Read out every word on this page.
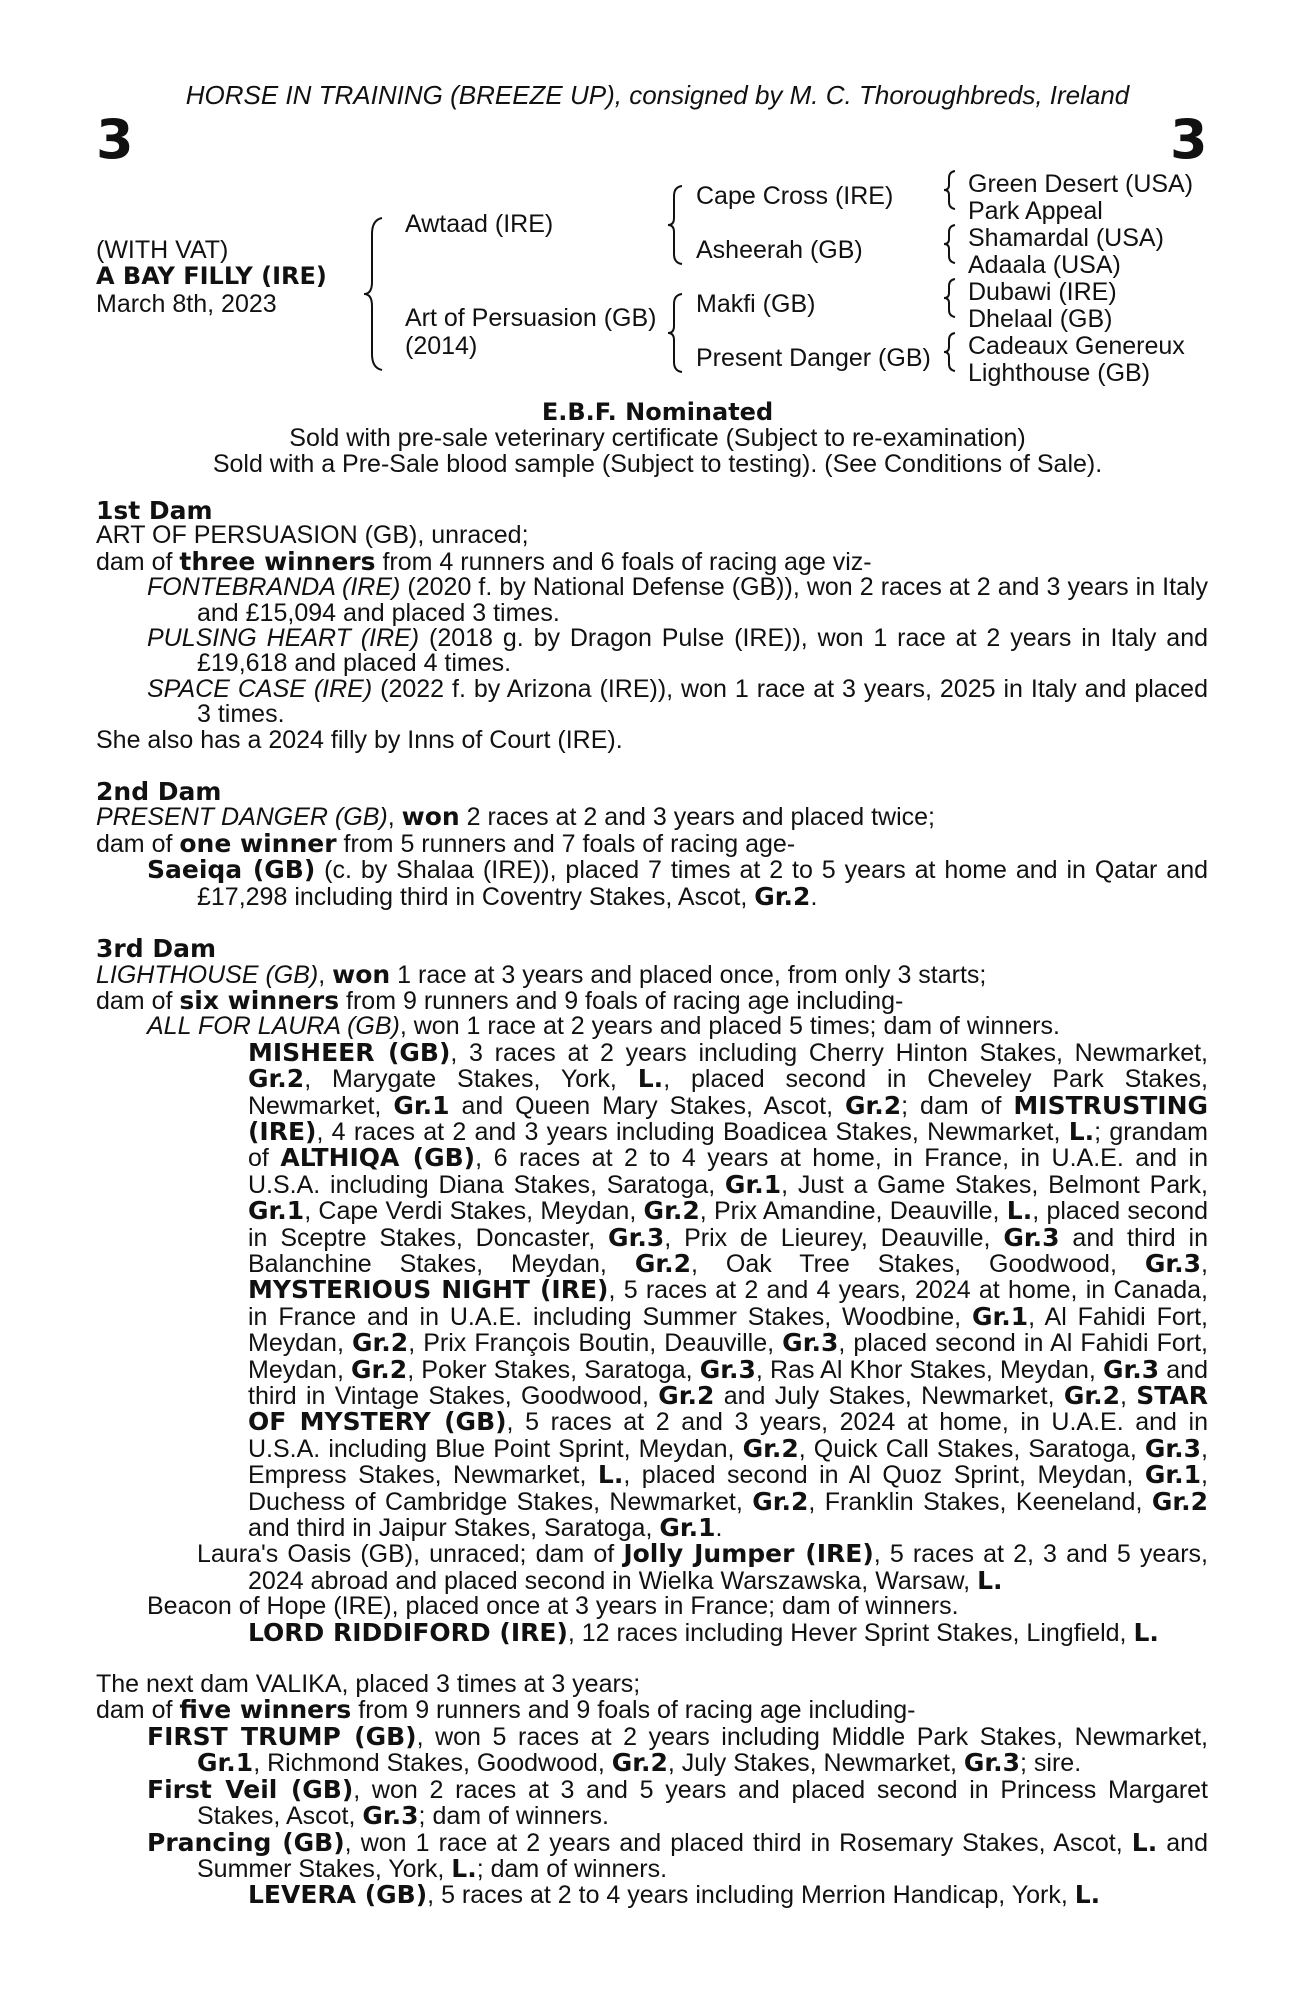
HORSE IN TRAINING (BREEZE UP), consigned by M. C. Thoroughbreds, Ireland
3	3
(WITH VAT)
A BAY FILLY (IRE)
March 8th, 2023
Awtaad (IRE)
Art of Persuasion (GB)
(2014)
Cape Cross (IRE)
Asheerah (GB)
Makfi (GB)
Present Danger (GB)
Green Desert (USA)
Park Appeal
Shamardal (USA)
Adaala (USA)
Dubawi (IRE)
Dhelaal (GB)
Cadeaux Genereux
Lighthouse (GB)
E.B.F. Nominated
Sold with pre-sale veterinary certificate (Subject to re-examination)
Sold with a Pre-Sale blood sample (Subject to testing). (See Conditions of Sale).

1st Dam

ART OF PERSUASION (GB), unraced;

dam of three winners from 4 runners and 6 foals of racing age viz-

FONTEBRANDA (IRE) (2020 f. by National Defense (GB)), won 2 races at 2 and 3 years in Italy and £15,094 and placed 3 times.

PULSING HEART (IRE) (2018 g. by Dragon Pulse (IRE)), won 1 race at 2 years in Italy and £19,618 and placed 4 times.

SPACE CASE (IRE) (2022 f. by Arizona (IRE)), won 1 race at 3 years, 2025 in Italy and placed 3 times.

She also has a 2024 filly by Inns of Court (IRE).

2nd Dam

PRESENT DANGER (GB), won 2 races at 2 and 3 years and placed twice;

dam of one winner from 5 runners and 7 foals of racing age-

Saeiqa (GB) (c. by Shalaa (IRE)), placed 7 times at 2 to 5 years at home and in Qatar and £17,298 including third in Coventry Stakes, Ascot, Gr.2.

3rd Dam

LIGHTHOUSE (GB), won 1 race at 3 years and placed once, from only 3 starts;

dam of six winners from 9 runners and 9 foals of racing age including-

ALL FOR LAURA (GB), won 1 race at 2 years and placed 5 times; dam of winners.

MISHEER (GB), 3 races at 2 years including Cherry Hinton Stakes, Newmarket, Gr.2, Marygate Stakes, York, L., placed second in Cheveley Park Stakes, Newmarket, Gr.1 and Queen Mary Stakes, Ascot, Gr.2; dam of MISTRUSTING (IRE), 4 races at 2 and 3 years including Boadicea Stakes, Newmarket, L.; grandam of ALTHIQA (GB), 6 races at 2 to 4 years at home, in France, in U.A.E. and in U.S.A. including Diana Stakes, Saratoga, Gr.1, Just a Game Stakes, Belmont Park, Gr.1, Cape Verdi Stakes, Meydan, Gr.2, Prix Amandine, Deauville, L., placed second in Sceptre Stakes, Doncaster, Gr.3, Prix de Lieurey, Deauville, Gr.3 and third in Balanchine Stakes, Meydan, Gr.2, Oak Tree Stakes, Goodwood, Gr.3, MYSTERIOUS NIGHT (IRE), 5 races at 2 and 4 years, 2024 at home, in Canada, in France and in U.A.E. including Summer Stakes, Woodbine, Gr.1, Al Fahidi Fort, Meydan, Gr.2, Prix François Boutin, Deauville, Gr.3, placed second in Al Fahidi Fort, Meydan, Gr.2, Poker Stakes, Saratoga, Gr.3, Ras Al Khor Stakes, Meydan, Gr.3 and third in Vintage Stakes, Goodwood, Gr.2 and July Stakes, Newmarket, Gr.2, STAR OF MYSTERY (GB), 5 races at 2 and 3 years, 2024 at home, in U.A.E. and in U.S.A. including Blue Point Sprint, Meydan, Gr.2, Quick Call Stakes, Saratoga, Gr.3, Empress Stakes, Newmarket, L., placed second in Al Quoz Sprint, Meydan, Gr.1, Duchess of Cambridge Stakes, Newmarket, Gr.2, Franklin Stakes, Keeneland, Gr.2 and third in Jaipur Stakes, Saratoga, Gr.1.

Laura's Oasis (GB), unraced; dam of Jolly Jumper (IRE), 5 races at 2, 3 and 5 years, 2024 abroad and placed second in Wielka Warszawska, Warsaw, L.

Beacon of Hope (IRE), placed once at 3 years in France; dam of winners.

LORD RIDDIFORD (IRE), 12 races including Hever Sprint Stakes, Lingfield, L.

The next dam VALIKA, placed 3 times at 3 years;

dam of five winners from 9 runners and 9 foals of racing age including-

FIRST TRUMP (GB), won 5 races at 2 years including Middle Park Stakes, Newmarket, Gr.1, Richmond Stakes, Goodwood, Gr.2, July Stakes, Newmarket, Gr.3; sire.

First Veil (GB), won 2 races at 3 and 5 years and placed second in Princess Margaret Stakes, Ascot, Gr.3; dam of winners.

Prancing (GB), won 1 race at 2 years and placed third in Rosemary Stakes, Ascot, L. and Summer Stakes, York, L.; dam of winners.

LEVERA (GB), 5 races at 2 to 4 years including Merrion Handicap, York, L.
